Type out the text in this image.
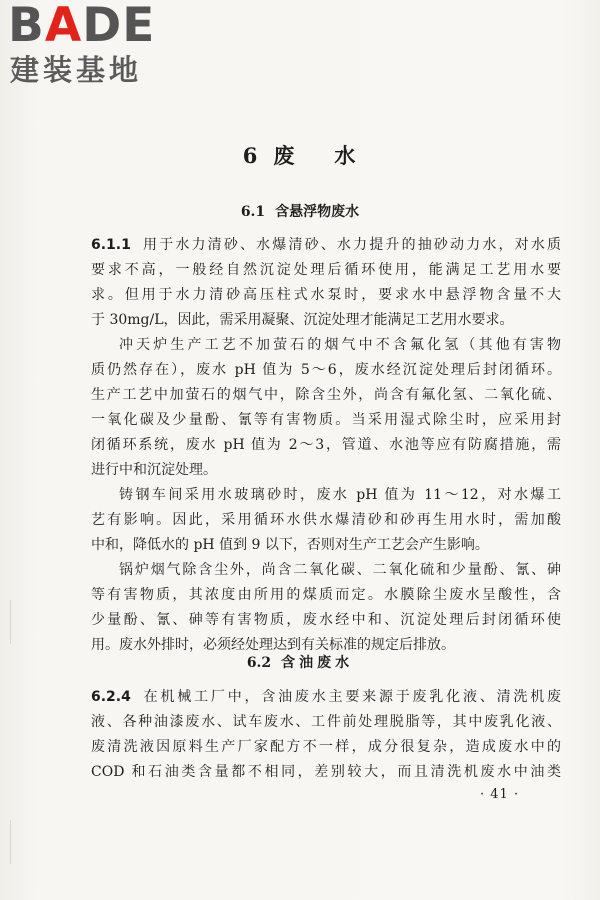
BADE
建装基地
6 废 水
6.1 含悬浮物废水
6.1.1 用于水力清砂、水爆清砂、水力提升的抽砂动力水，对水质
要求不高，一般经自然沉淀处理后循环使用，能满足工艺用水要
求。但用于水力清砂高压柱式水泵时，要求水中悬浮物含量不大
于 30mg/L，因此，需采用凝聚、沉淀处理才能满足工艺用水要求。
冲天炉生产工艺不加萤石的烟气中不含氟化氢（其他有害物
质仍然存在），废水 pH 值为 5～6，废水经沉淀处理后封闭循环。
生产工艺中加萤石的烟气中，除含尘外，尚含有氟化氢、二氧化硫、
一氧化碳及少量酚、氰等有害物质。当采用湿式除尘时，应采用封
闭循环系统，废水 pH 值为 2～3，管道、水池等应有防腐措施，需
进行中和沉淀处理。
铸钢车间采用水玻璃砂时，废水 pH 值为 11～12，对水爆工
艺有影响。因此，采用循环水供水爆清砂和砂再生用水时，需加酸
中和，降低水的 pH 值到 9 以下，否则对生产工艺会产生影响。
锅炉烟气除含尘外，尚含二氧化碳、二氧化硫和少量酚、氰、砷
等有害物质，其浓度由所用的煤质而定。水膜除尘废水呈酸性，含
少量酚、氰、砷等有害物质，废水经中和、沉淀处理后封闭循环使
用。废水外排时，必须经处理达到有关标准的规定后排放。
6.2 含油废水
6.2.4 在机械工厂中，含油废水主要来源于废乳化液、清洗机废
液、各种油漆废水、试车废水、工件前处理脱脂等，其中废乳化液、
废清洗液因原料生产厂家配方不一样，成分很复杂，造成废水中的
COD 和石油类含量都不相同，差别较大，而且清洗机废水中油类
· 41 ·
